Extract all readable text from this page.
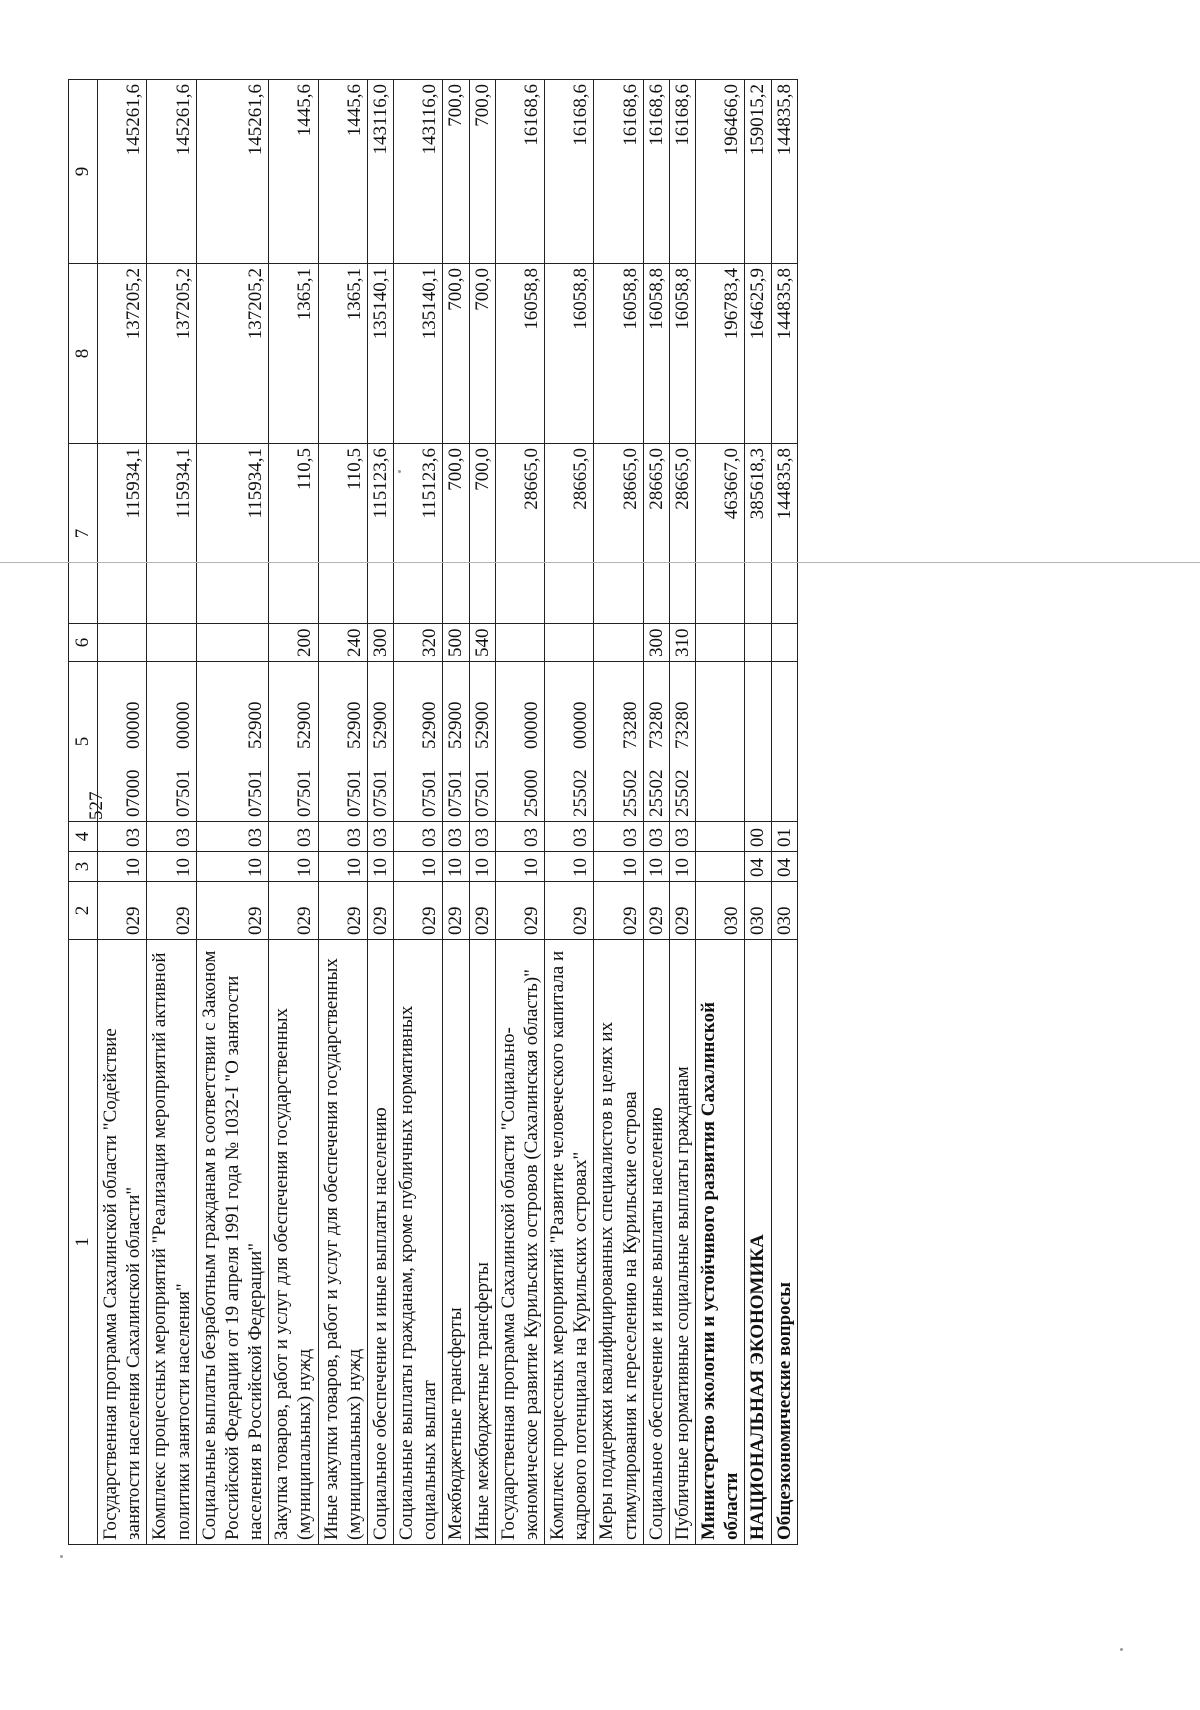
527
1	2	3	4	5	6	7	8	9
Государственная программа Сахалинской области "Содействие занятости населения Сахалинской области"	029	10	03	0700000000		115934,1	137205,2	145261,6
Комплекс процессных мероприятий "Реализация мероприятий активной политики занятости населения"	029	10	03	0750100000		115934,1	137205,2	145261,6
Социальные выплаты безработным гражданам в соответствии с Законом Российской Федерации от 19 апреля 1991 года № 1032-I "О занятости населения в Российской Федерации"	029	10	03	0750152900		115934,1	137205,2	145261,6
Закупка товаров, работ и услуг для обеспечения государственных (муниципальных) нужд	029	10	03	0750152900	200	110,5	1365,1	1445,6
Иные закупки товаров, работ и услуг для обеспечения государственных (муниципальных) нужд	029	10	03	0750152900	240	110,5	1365,1	1445,6
Социальное обеспечение и иные выплаты населению	029	10	03	0750152900	300	115123,6	135140,1	143116,0
Социальные выплаты гражданам, кроме публичных нормативных социальных выплат	029	10	03	0750152900	320	115123,6	135140,1	143116,0
Межбюджетные трансферты	029	10	03	0750152900	500	700,0	700,0	700,0
Иные межбюджетные трансферты	029	10	03	0750152900	540	700,0	700,0	700,0
Государственная программа Сахалинской области "Социально-экономическое развитие Курильских островов (Сахалинская область)"	029	10	03	2500000000		28665,0	16058,8	16168,6
Комплекс процессных мероприятий "Развитие человеческого капитала и кадрового потенциала на Курильских островах"	029	10	03	2550200000		28665,0	16058,8	16168,6
Меры поддержки квалифицированных специалистов в целях их стимулирования к переселению на Курильские острова	029	10	03	2550273280		28665,0	16058,8	16168,6
Социальное обеспечение и иные выплаты населению	029	10	03	2550273280	300	28665,0	16058,8	16168,6
Публичные нормативные социальные выплаты гражданам	029	10	03	2550273280	310	28665,0	16058,8	16168,6
Министерство экологии и устойчивого развития Сахалинской области	030					463667,0	196783,4	196466,0
НАЦИОНАЛЬНАЯ ЭКОНОМИКА	030	04	00			385618,3	164625,9	159015,2
Общеэкономические вопросы	030	04	01			144835,8	144835,8	144835,8
